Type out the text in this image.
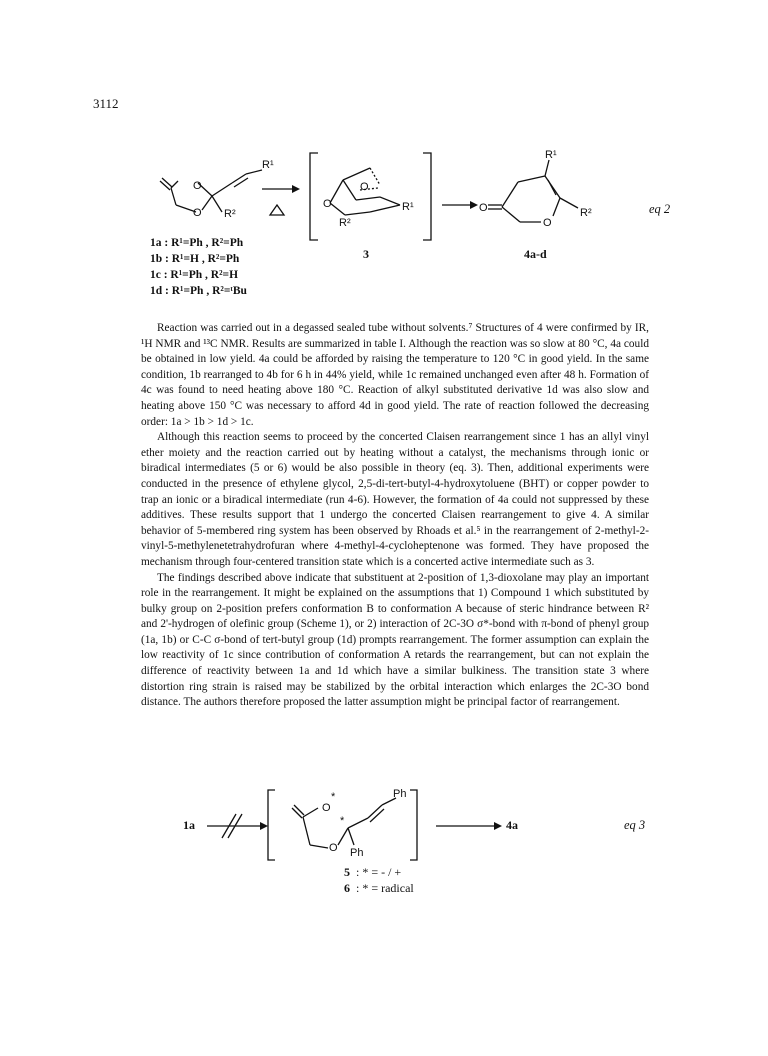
3112
O
O
R¹
R²
O
O
R¹
R²
O
O
R¹
R²	eq 2
3	4a-d
1a : R¹=Ph , R²=Ph
1b : R¹=H , R²=Ph
1c : R¹=Ph , R²=H
1d : R¹=Ph , R²=ᵗBu

Reaction was carried out in a degassed sealed tube without solvents.⁷ Structures of 4 were confirmed by IR, ¹H NMR and ¹³C NMR. Results are summarized in table I. Although the reaction was so slow at 80 °C, 4a could be obtained in low yield. 4a could be afforded by raising the temperature to 120 °C in good yield. In the same condition, 1b rearranged to 4b for 6 h in 44% yield, while 1c remained unchanged even after 48 h. Formation of 4c was found to need heating above 180 °C. Reaction of alkyl substituted derivative 1d was also slow and heating above 150 °C was necessary to afford 4d in good yield. The rate of reaction followed the decreasing order: 1a > 1b > 1d > 1c.

Although this reaction seems to proceed by the concerted Claisen rearrangement since 1 has an allyl vinyl ether moiety and the reaction carried out by heating without a catalyst, the mechanisms through ionic or biradical intermediates (5 or 6) would be also possible in theory (eq. 3). Then, additional experiments were conducted in the presence of ethylene glycol, 2,5-di-tert-butyl-4-hydroxytoluene (BHT) or copper powder to trap an ionic or a biradical intermediate (run 4-6). However, the formation of 4a could not suppressed by these additives. These results support that 1 undergo the concerted Claisen rearrangement to give 4. A similar behavior of 5-membered ring system has been observed by Rhoads et al.⁵ in the rearrangement of 2-methyl-2-vinyl-5-methylenetetrahydrofuran where 4-methyl-4-cycloheptenone was formed. They have proposed the mechanism through four-centered transition state which is a concerted active intermediate such as 3.

The findings described above indicate that substituent at 2-position of 1,3-dioxolane may play an important role in the rearrangement. It might be explained on the assumptions that 1) Compound 1 which substituted by bulky group on 2-position prefers conformation B to conformation A because of steric hindrance between R² and 2'-hydrogen of olefinic group (Scheme 1), or 2) interaction of 2C-3O σ*-bond with π-bond of phenyl group (1a, 1b) or C-C σ-bond of tert-butyl group (1d) prompts rearrangement. The former assumption can explain the low reactivity of 1c since contribution of conformation A retards the rearrangement, but can not explain the difference of reactivity between 1a and 1d which have a similar bulkiness. The transition state 3 where distortion ring strain is raised may be stabilized by the orbital interaction which enlarges the 2C-3O bond distance. The authors therefore proposed the latter assumption might be principal factor of rearrangement.

O
O
Ph
Ph
*
*
1a	4a	eq 3
5 : * = - / +
6 : * = radical
